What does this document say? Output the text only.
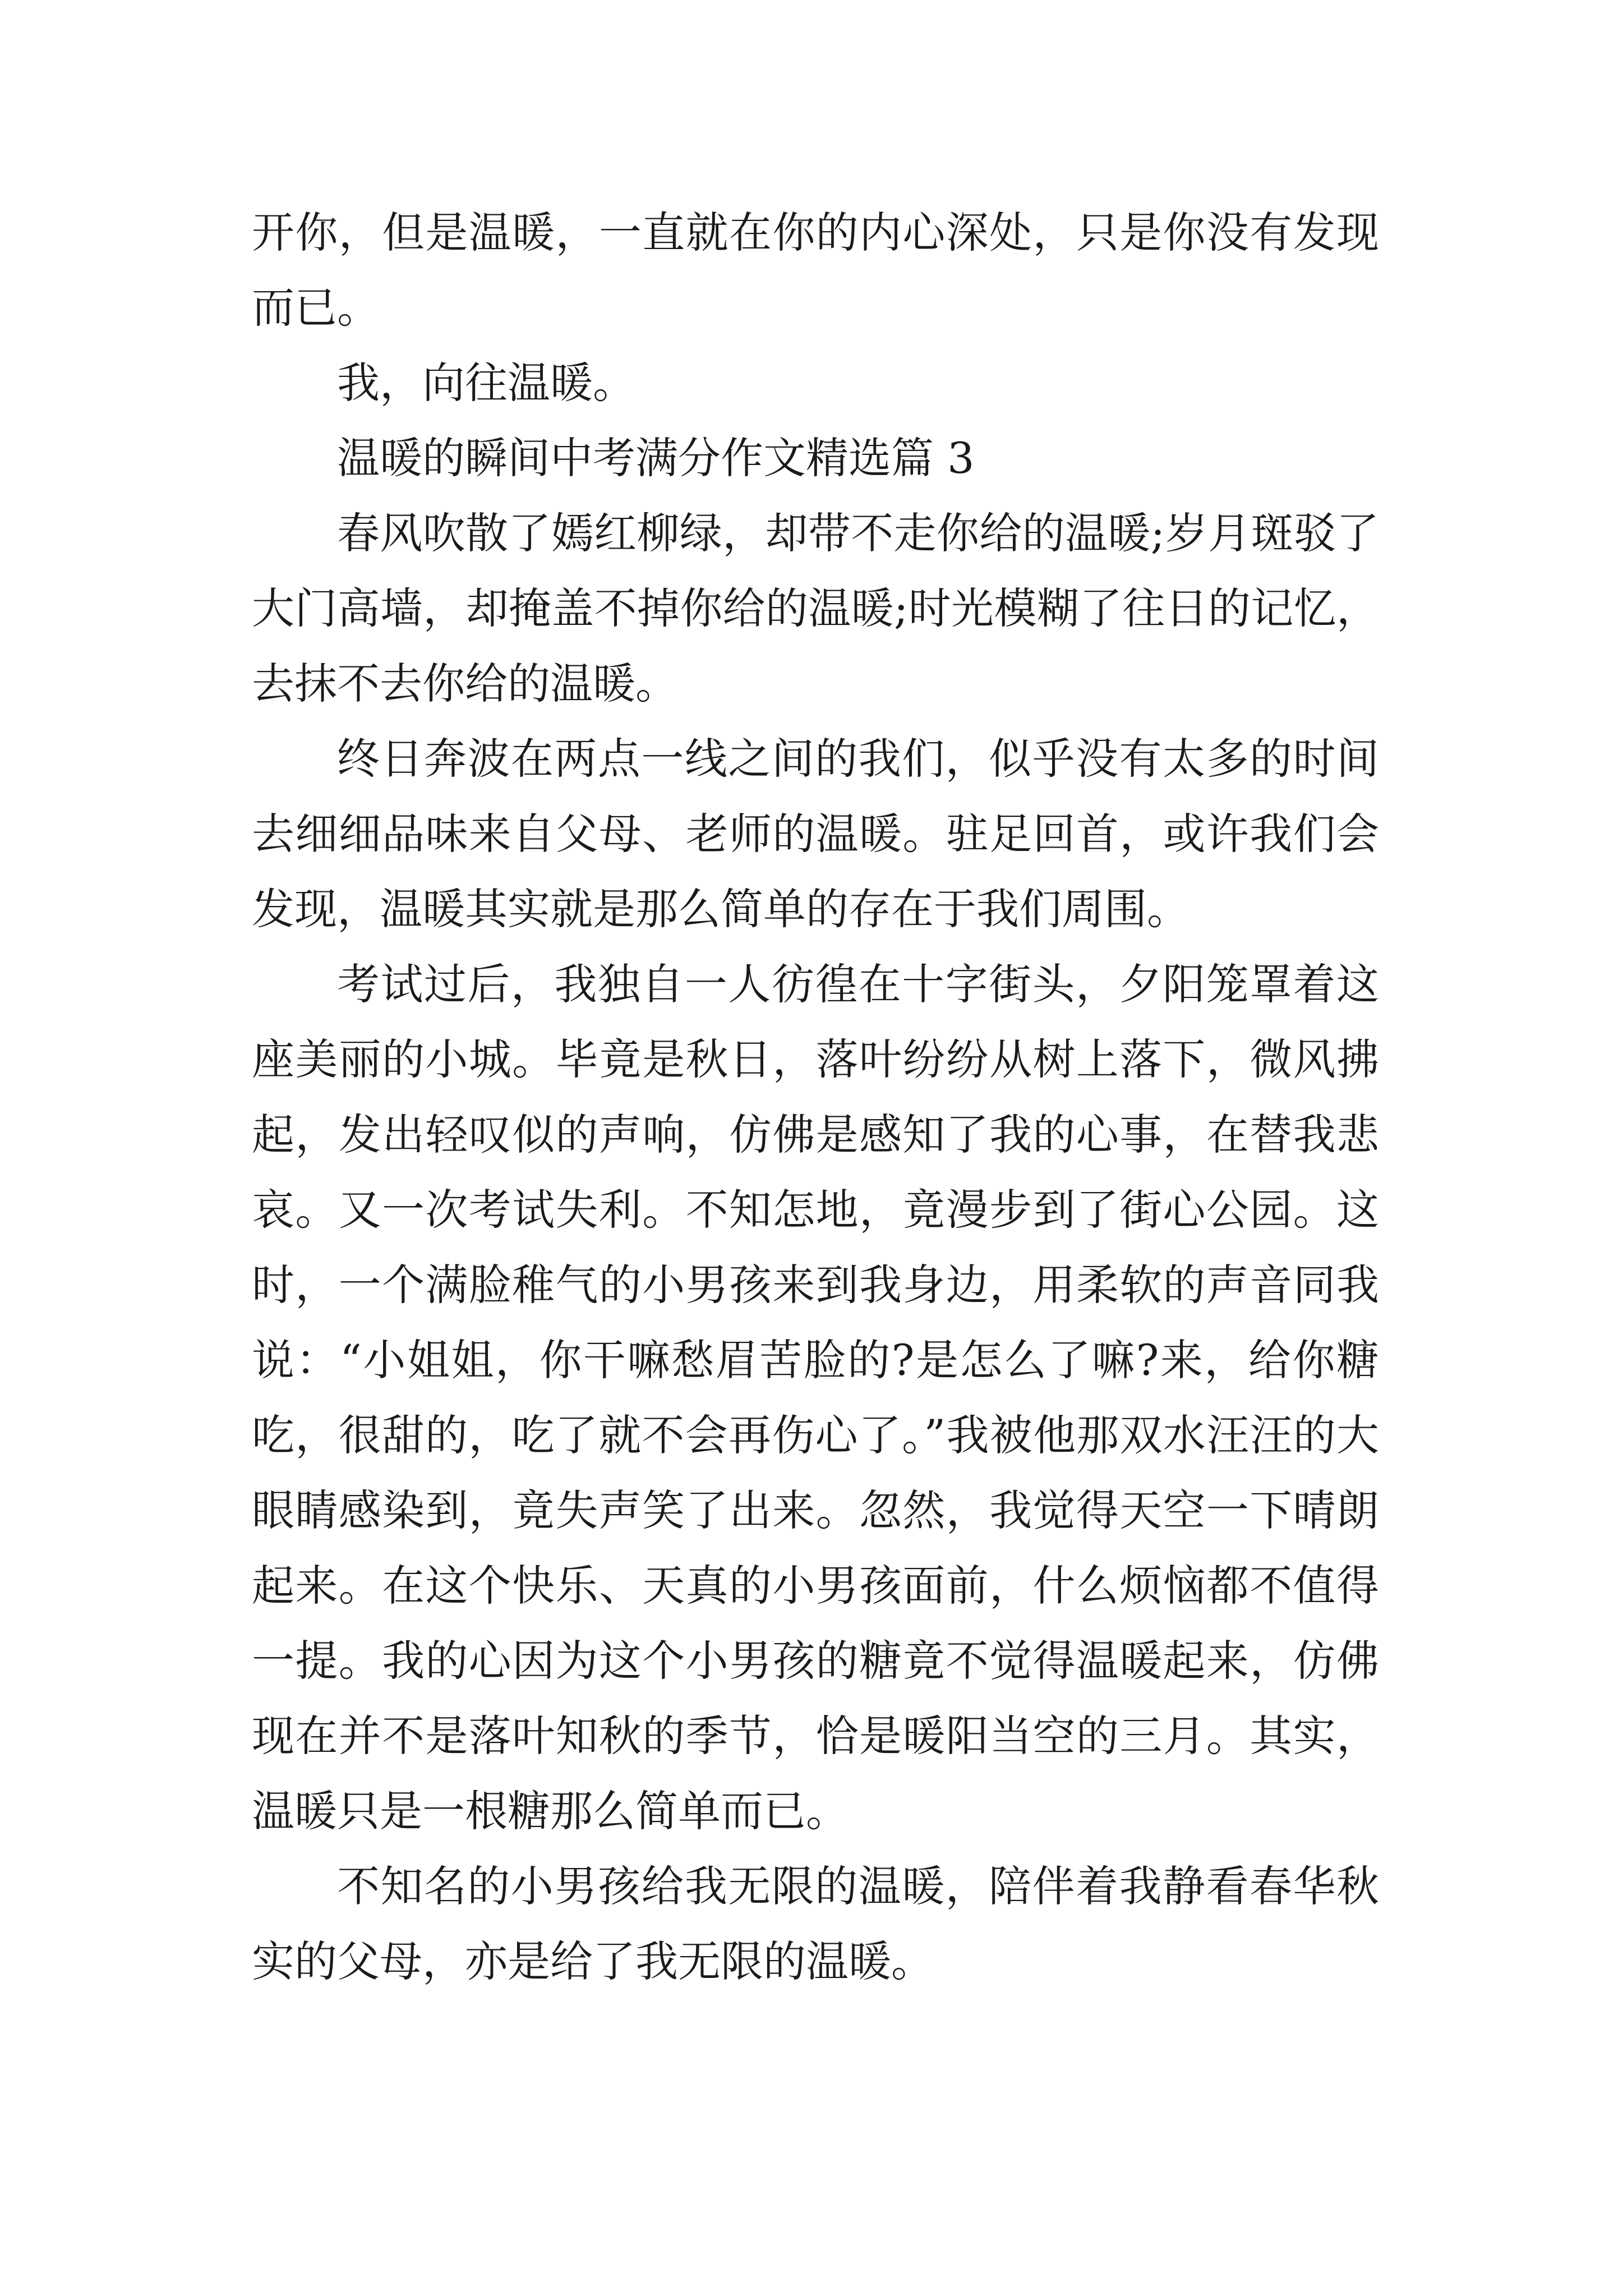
开你，但是温暖，一直就在你的内心深处，只是你没有发现而已。

我，向往温暖。

温暖的瞬间中考满分作文精选篇 3

春风吹散了嫣红柳绿，却带不走你给的温暖;岁月斑驳了大门高墙，却掩盖不掉你给的温暖;时光模糊了往日的记忆，去抹不去你给的温暖。

终日奔波在两点一线之间的我们，似乎没有太多的时间去细细品味来自父母、老师的温暖。驻足回首，或许我们会发现，温暖其实就是那么简单的存在于我们周围。

考试过后，我独自一人彷徨在十字街头，夕阳笼罩着这座美丽的小城。毕竟是秋日，落叶纷纷从树上落下，微风拂起，发出轻叹似的声响，仿佛是感知了我的心事，在替我悲哀。又一次考试失利。不知怎地，竟漫步到了街心公园。这时，一个满脸稚气的小男孩来到我身边，用柔软的声音同我说：“小姐姐，你干嘛愁眉苦脸的?是怎么了嘛?来，给你糖吃，很甜的，吃了就不会再伤心了。”我被他那双水汪汪的大眼睛感染到，竟失声笑了出来。忽然，我觉得天空一下晴朗起来。在这个快乐、天真的小男孩面前，什么烦恼都不值得一提。我的心因为这个小男孩的糖竟不觉得温暖起来，仿佛现在并不是落叶知秋的季节，恰是暖阳当空的三月。其实，温暖只是一根糖那么简单而已。

不知名的小男孩给我无限的温暖，陪伴着我静看春华秋实的父母，亦是给了我无限的温暖。
